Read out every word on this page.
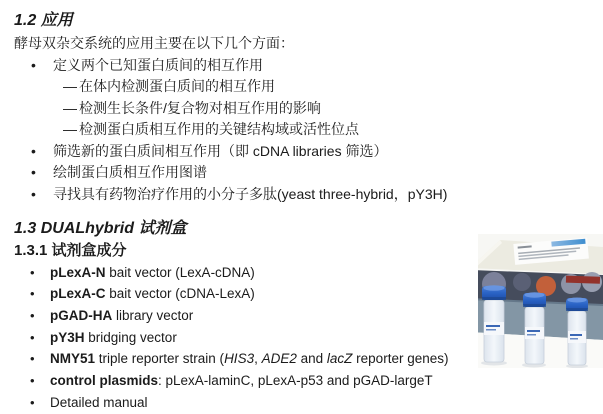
1.2 应用
酵母双杂交系统的应用主要在以下几个方面：
•	定义两个已知蛋白质间的相互作用
— 在体内检测蛋白质间的相互作用
— 检测生长条件/复合物对相互作用的影响
— 检测蛋白质相互作用的关键结构域或活性位点
•	筛选新的蛋白质间相互作用（即 cDNA libraries 筛选）
•	绘制蛋白质相互作用图谱
•	寻找具有药物治疗作用的小分子多肽(yeast three-hybrid，pY3H)
1.3 DUALhybrid 试剂盒
1.3.1 试剂盒成分
•	pLexA-N bait vector (LexA-cDNA)
•	pLexA-C bait vector (cDNA-LexA)
•	pGAD-HA library vector
•	pY3H bridging vector
•	NMY51 triple reporter strain (HIS3, ADE2 and lacZ reporter genes)
•	control plasmids: pLexA-laminC, pLexA-p53 and pGAD-largeT
•	Detailed manual
